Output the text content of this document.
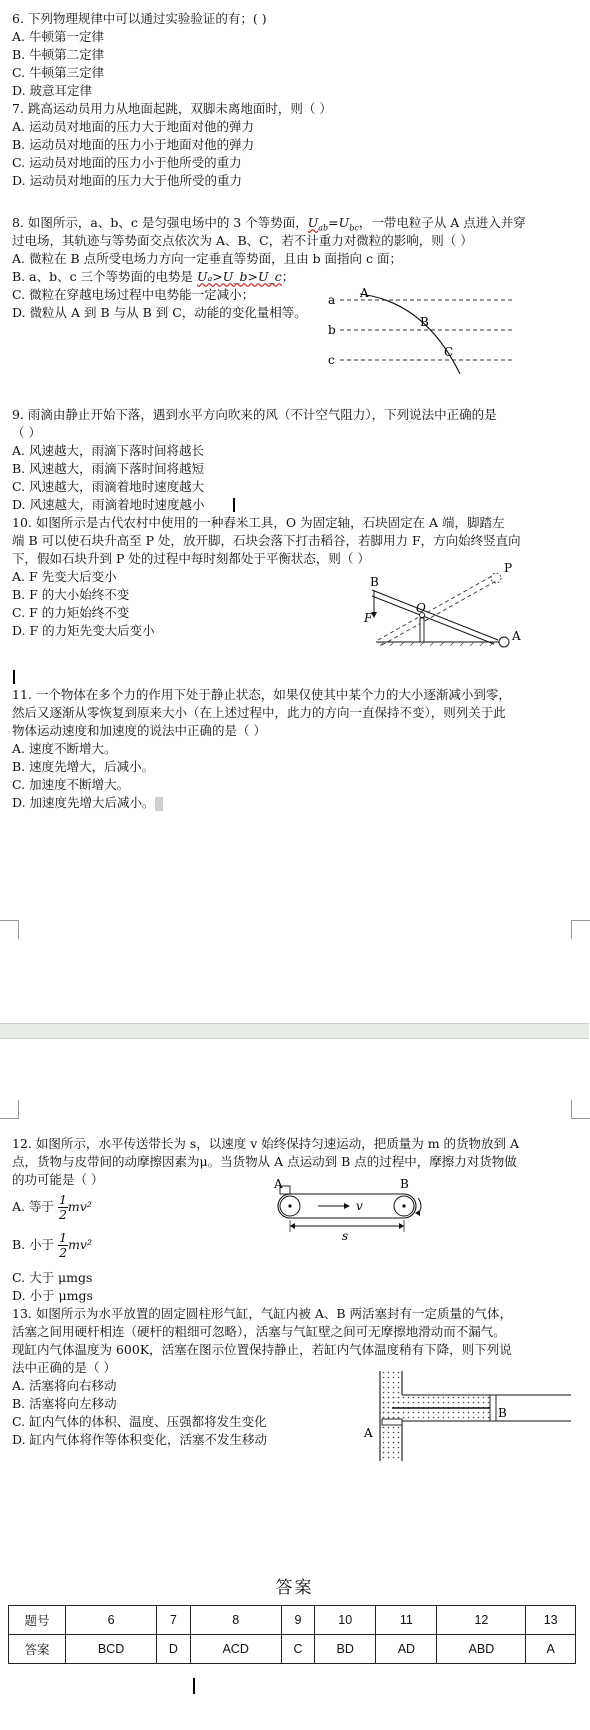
6. 下列物理规律中可以通过实验验证的有；( )
A. 牛顿第一定律
B. 牛顿第二定律
C. 牛顿第三定律
D. 玻意耳定律
7. 跳高运动员用力从地面起跳，双脚未离地面时，则（ ）
A. 运动员对地面的压力大于地面对他的弹力
B. 运动员对地面的压力小于地面对他的弹力
C. 运动员对地面的压力小于他所受的重力
D. 运动员对地面的压力大于他所受的重力
8. 如图所示，a、b、c 是匀强电场中的 3 个等势面，$U_{ab}=U_{bc}$，一带电粒子从 A 点进入并穿
过电场，其轨迹与等势面交点依次为 A、B、C，若不计重力对微粒的影响，则（ ）
A. 微粒在 B 点所受电场力方向一定垂直等势面，且由 b 面指向 c 面；
B. a、b、c 三个等势面的电势是 Uₐ>U_b>U_c；
C. 微粒在穿越电场过程中电势能一定减小；
D. 微粒从 A 到 B 与从 B 到 C，动能的变化量相等。
a
b
c
A
B
C
9. 雨滴由静止开始下落，遇到水平方向吹来的风（不计空气阻力），下列说法中正确的是
（ ）
A. 风速越大，雨滴下落时间将越长
B. 风速越大，雨滴下落时间将越短
C. 风速越大，雨滴着地时速度越大
D. 风速越大，雨滴着地时速度越小
10. 如图所示是古代农村中使用的一种舂米工具，O 为固定轴，石块固定在 A 端，脚踏左
端 B 可以使石块升高至 P 处，放开脚，石块会落下打击稻谷，若脚用力 F，方向始终竖直向
下，假如石块升到 P 处的过程中每时刻都处于平衡状态，则（ ）
A. F 先变大后变小
B. F 的大小始终不变
C. F 的力矩始终不变
D. F 的力矩先变大后变小
B
P
F
O
A
11. 一个物体在多个力的作用下处于静止状态，如果仅使其中某个力的大小逐渐减小到零，
然后又逐渐从零恢复到原来大小（在上述过程中，此力的方向一直保持不变），则列关于此
物体运动速度和加速度的说法中正确的是（ ）
A. 速度不断增大。
B. 速度先增大，后减小。
C. 加速度不断增大。
D. 加速度先增大后减小。
12. 如图所示，水平传送带长为 s，以速度 v 始终保持匀速运动，把质量为 m 的货物放到 A
点，货物与皮带间的动摩擦因素为μ。当货物从 A 点运动到 B 点的过程中，摩擦力对货物做
的功可能是（ ）
A. 等于 $\frac{1}{2} mv^2$
B. 小于 $\frac{1}{2} mv^2$
C. 大于 μmgs
D. 小于 μmgs
A	B
v
s
13. 如图所示为水平放置的固定圆柱形气缸，气缸内被 A、B 两活塞封有一定质量的气体，
活塞之间用硬杆相连（硬杆的粗细可忽略），活塞与气缸壁之间可无摩擦地滑动而不漏气。
现缸内气体温度为 600K，活塞在图示位置保持静止，若缸内气体温度稍有下降，则下列说
法中正确的是（ ）
A. 活塞将向右移动
B. 活塞将向左移动
C. 缸内气体的体积、温度、压强都将发生变化
D. 缸内气体将作等体积变化，活塞不发生移动	A
B
答案
题号	6	7	8	9	10	11	12	13
答案	BCD	D	ACD	C	BD	AD	ABD	A
